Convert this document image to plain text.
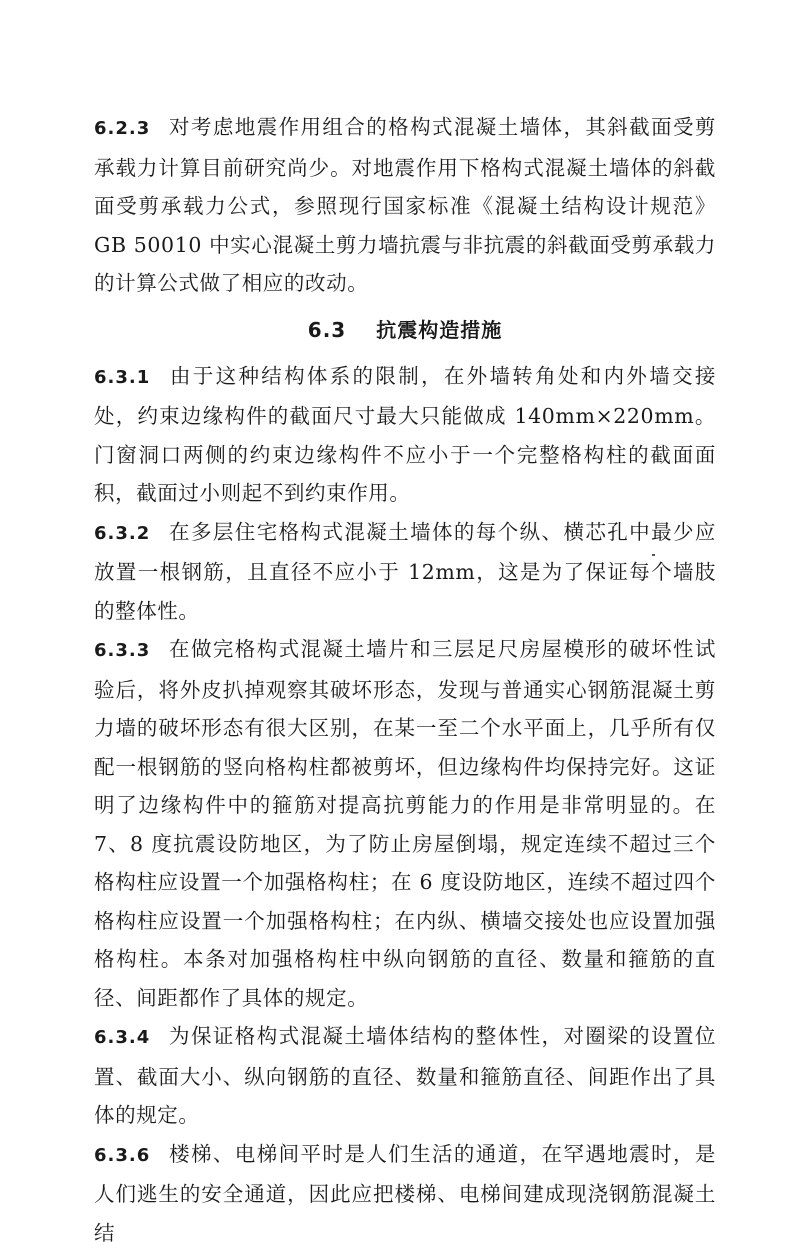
6.2.3 对考虑地震作用组合的格构式混凝土墙体，其斜截面受剪承载力计算目前研究尚少。对地震作用下格构式混凝土墙体的斜截面受剪承载力公式，参照现行国家标准《混凝土结构设计规范》GB 50010 中实心混凝土剪力墙抗震与非抗震的斜截面受剪承载力的计算公式做了相应的改动。

6.3 抗震构造措施

6.3.1 由于这种结构体系的限制，在外墙转角处和内外墙交接处，约束边缘构件的截面尺寸最大只能做成 140mm×220mm。门窗洞口两侧的约束边缘构件不应小于一个完整格构柱的截面面积，截面过小则起不到约束作用。

6.3.2 在多层住宅格构式混凝土墙体的每个纵、横芯孔中最少应放置一根钢筋，且直径不应小于 12mm，这是为了保证每个墙肢的整体性。

6.3.3 在做完格构式混凝土墙片和三层足尺房屋模形的破坏性试验后，将外皮扒掉观察其破坏形态，发现与普通实心钢筋混凝土剪力墙的破坏形态有很大区别，在某一至二个水平面上，几乎所有仅配一根钢筋的竖向格构柱都被剪坏，但边缘构件均保持完好。这证明了边缘构件中的箍筋对提高抗剪能力的作用是非常明显的。在 7、8 度抗震设防地区，为了防止房屋倒塌，规定连续不超过三个格构柱应设置一个加强格构柱；在 6 度设防地区，连续不超过四个格构柱应设置一个加强格构柱；在内纵、横墙交接处也应设置加强格构柱。本条对加强格构柱中纵向钢筋的直径、数量和箍筋的直径、间距都作了具体的规定。

6.3.4 为保证格构式混凝土墙体结构的整体性，对圈梁的设置位置、截面大小、纵向钢筋的直径、数量和箍筋直径、间距作出了具体的规定。

6.3.6 楼梯、电梯间平时是人们生活的通道，在罕遇地震时，是人们逃生的安全通道，因此应把楼梯、电梯间建成现浇钢筋混凝土结
